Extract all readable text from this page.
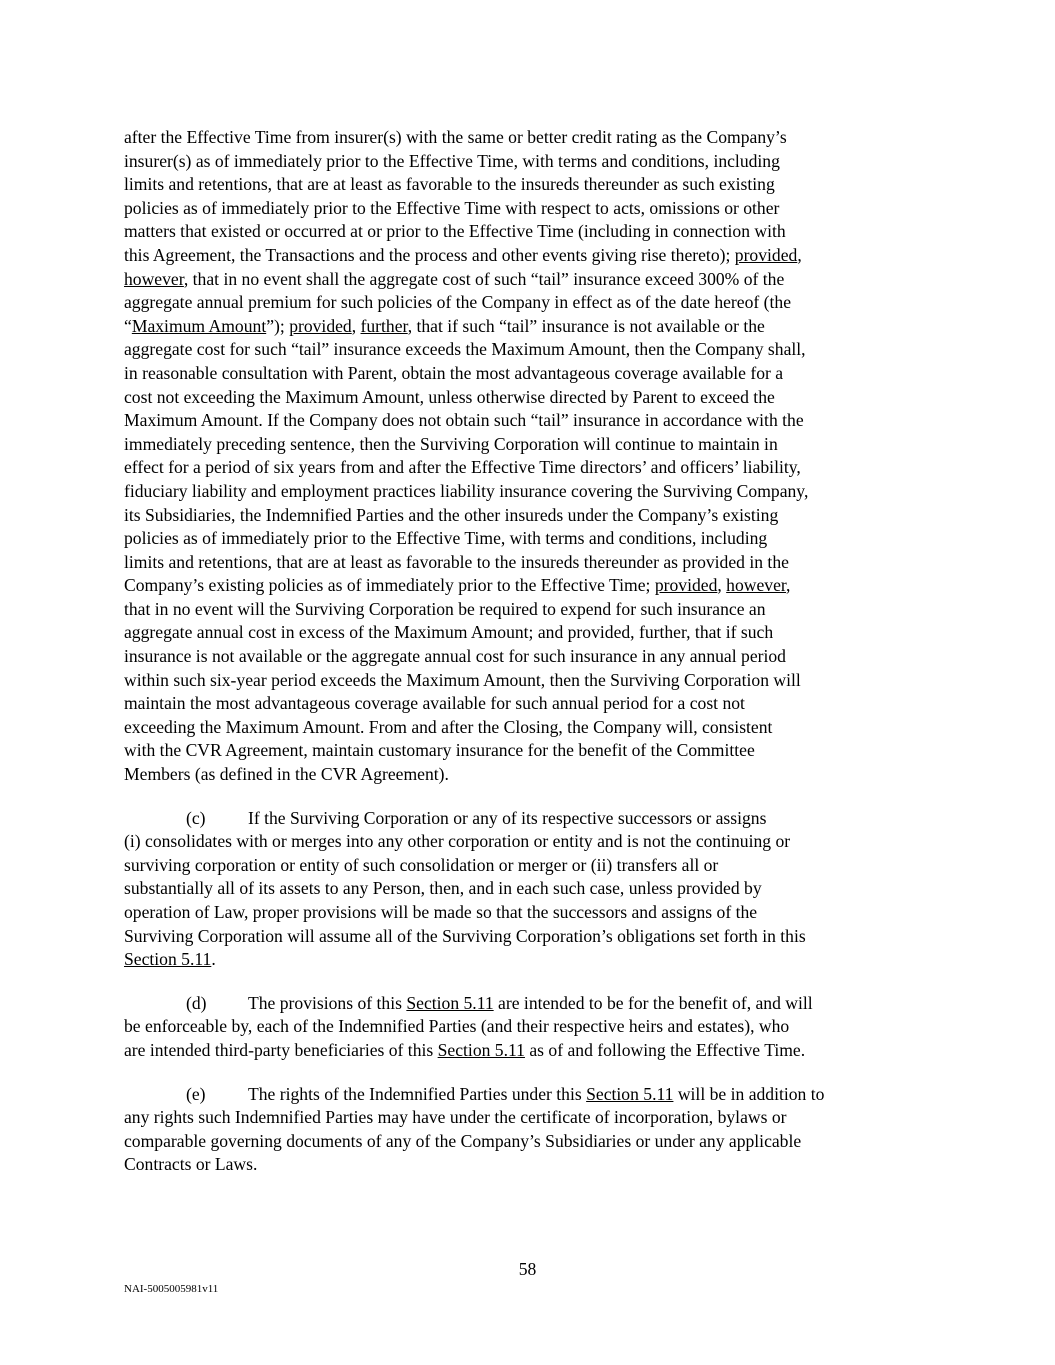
after the Effective Time from insurer(s) with the same or better credit rating as the Company’s
insurer(s) as of immediately prior to the Effective Time, with terms and conditions, including
limits and retentions, that are at least as favorable to the insureds thereunder as such existing
policies as of immediately prior to the Effective Time with respect to acts, omissions or other
matters that existed or occurred at or prior to the Effective Time (including in connection with
this Agreement, the Transactions and the process and other events giving rise thereto); provided,
however, that in no event shall the aggregate cost of such “tail” insurance exceed 300% of the
aggregate annual premium for such policies of the Company in effect as of the date hereof (the
“Maximum Amount”); provided, further, that if such “tail” insurance is not available or the
aggregate cost for such “tail” insurance exceeds the Maximum Amount, then the Company shall,
in reasonable consultation with Parent, obtain the most advantageous coverage available for a
cost not exceeding the Maximum Amount, unless otherwise directed by Parent to exceed the
Maximum Amount. If the Company does not obtain such “tail” insurance in accordance with the
immediately preceding sentence, then the Surviving Corporation will continue to maintain in
effect for a period of six years from and after the Effective Time directors’ and officers’ liability,
fiduciary liability and employment practices liability insurance covering the Surviving Company,
its Subsidiaries, the Indemnified Parties and the other insureds under the Company’s existing
policies as of immediately prior to the Effective Time, with terms and conditions, including
limits and retentions, that are at least as favorable to the insureds thereunder as provided in the
Company’s existing policies as of immediately prior to the Effective Time; provided, however,
that in no event will the Surviving Corporation be required to expend for such insurance an
aggregate annual cost in excess of the Maximum Amount; and provided, further, that if such
insurance is not available or the aggregate annual cost for such insurance in any annual period
within such six-year period exceeds the Maximum Amount, then the Surviving Corporation will
maintain the most advantageous coverage available for such annual period for a cost not
exceeding the Maximum Amount. From and after the Closing, the Company will, consistent
with the CVR Agreement, maintain customary insurance for the benefit of the Committee
Members (as defined in the CVR Agreement).

(c) If the Surviving Corporation or any of its respective successors or assigns
(i) consolidates with or merges into any other corporation or entity and is not the continuing or
surviving corporation or entity of such consolidation or merger or (ii) transfers all or
substantially all of its assets to any Person, then, and in each such case, unless provided by
operation of Law, proper provisions will be made so that the successors and assigns of the
Surviving Corporation will assume all of the Surviving Corporation’s obligations set forth in this
Section 5.11.

(d) The provisions of this Section 5.11 are intended to be for the benefit of, and will
be enforceable by, each of the Indemnified Parties (and their respective heirs and estates), who
are intended third-party beneficiaries of this Section 5.11 as of and following the Effective Time.

(e) The rights of the Indemnified Parties under this Section 5.11 will be in addition to
any rights such Indemnified Parties may have under the certificate of incorporation, bylaws or
comparable governing documents of any of the Company’s Subsidiaries or under any applicable
Contracts or Laws.

58
NAI-5005005981v11
